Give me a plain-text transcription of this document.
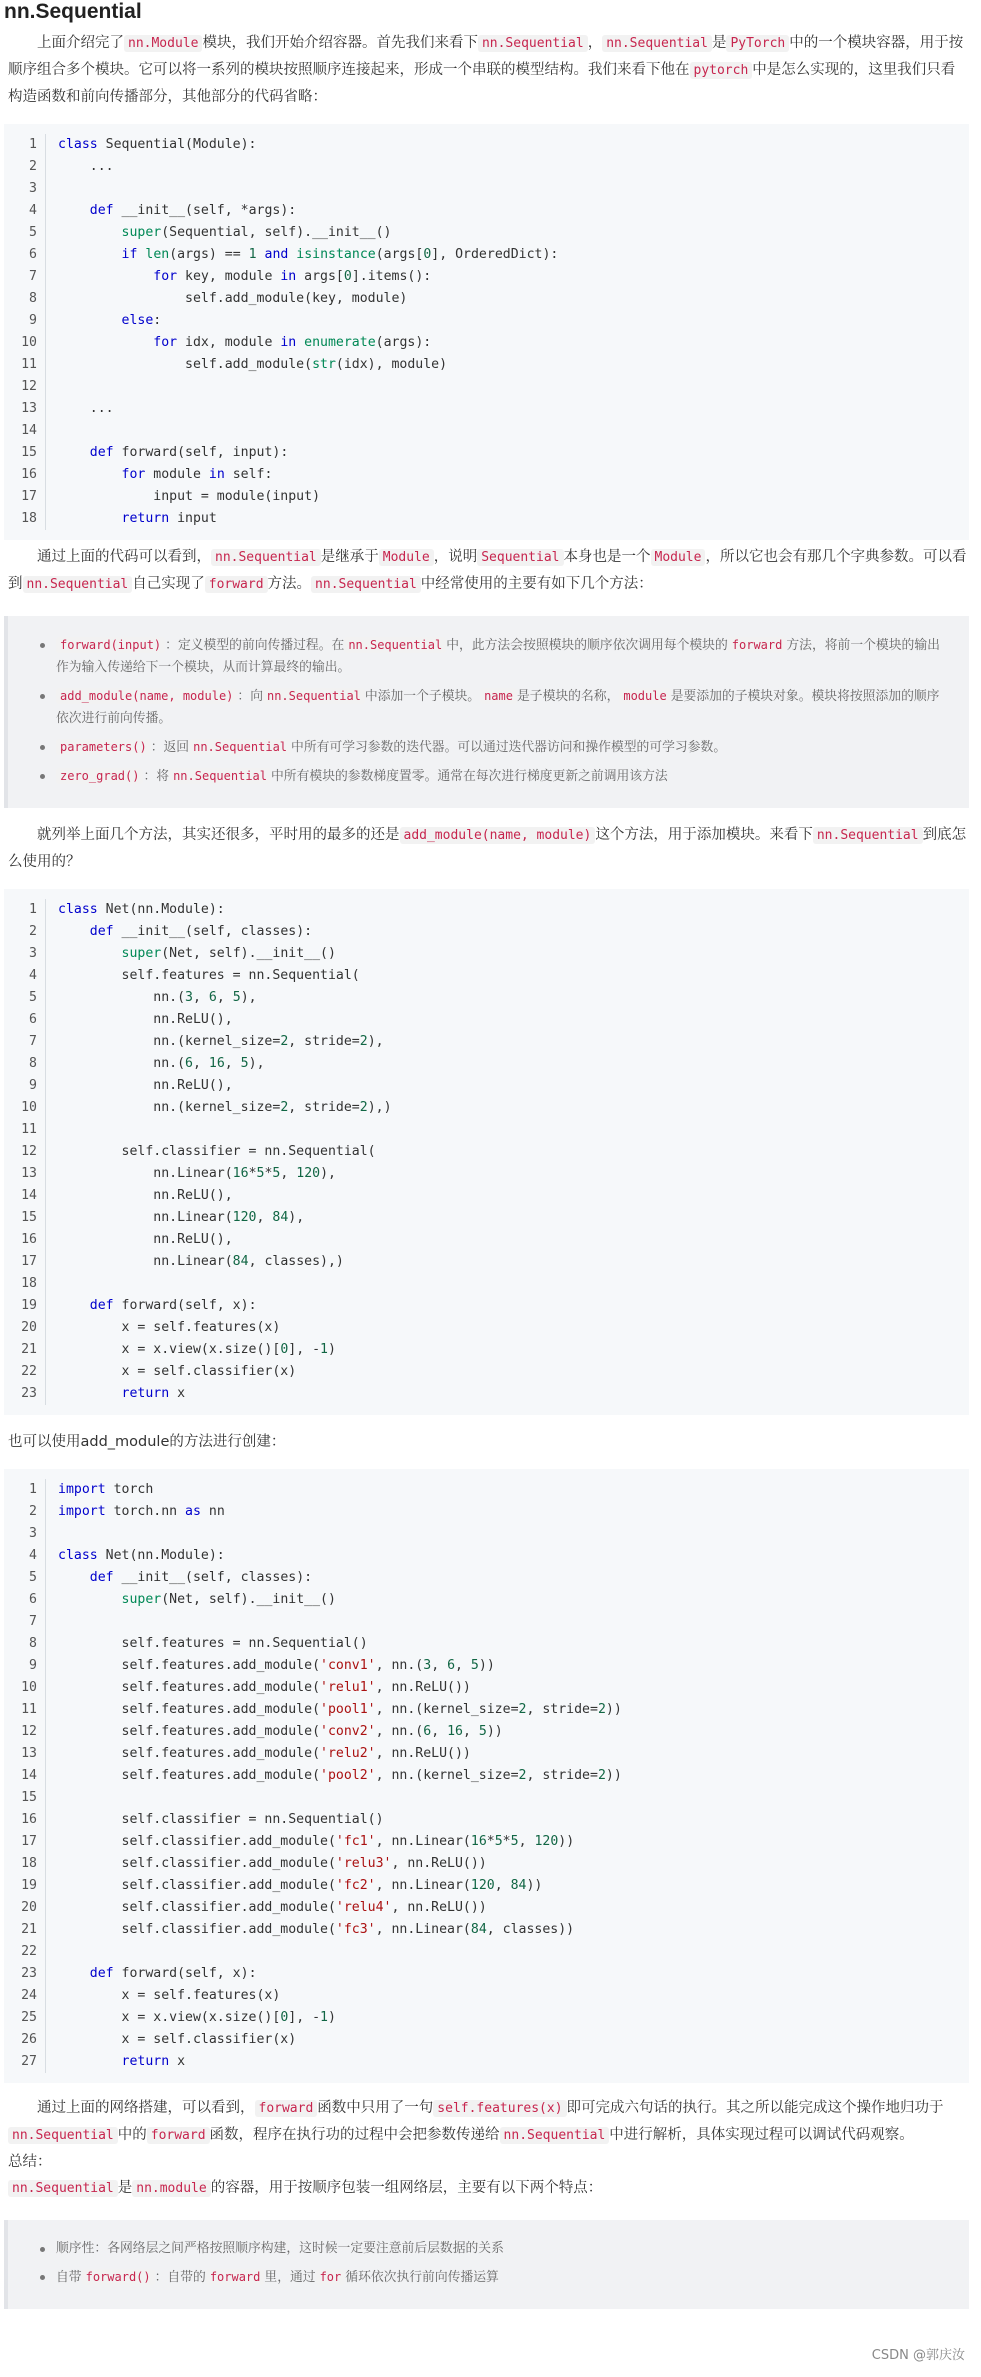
nn.Sequential

上面介绍完了 nn.Module 模块，我们开始介绍容器。首先我们来看下 nn.Sequential ， nn.Sequential 是 PyTorch 中的一个模块容器，用于按顺序组合多个模块。它可以将一系列的模块按照顺序连接起来，形成一个串联的模型结构。我们来看下他在 pytorch 中是怎么实现的，这里我们只看构造函数和前向传播部分，其他部分的代码省略：

1	class Sequential(Module):
2	...
3
4	def __init__(self, *args):
5	super(Sequential, self).__init__()
6	if len(args) == 1 and isinstance(args[0], OrderedDict):
7	for key, module in args[0].items():
8	self.add_module(key, module)
9	else:
10	for idx, module in enumerate(args):
11	self.add_module(str(idx), module)
12
13	...
14
15	def forward(self, input):
16	for module in self:
17	input = module(input)
18	return input

通过上面的代码可以看到， nn.Sequential 是继承于 Module ，说明 Sequential 本身也是一个 Module ，所以它也会有那几个字典参数。可以看到 nn.Sequential 自己实现了 forward 方法。 nn.Sequential 中经常使用的主要有如下几个方法：

forward(input) ：定义模型的前向传播过程。在 nn.Sequential 中，此方法会按照模块的顺序依次调用每个模块的 forward 方法，将前一个模块的输出作为输入传递给下一个模块，从而计算最终的输出。
add_module(name, module) ：向 nn.Sequential 中添加一个子模块。 name 是子模块的名称， module 是要添加的子模块对象。模块将按照添加的顺序依次进行前向传播。
parameters() ：返回 nn.Sequential 中所有可学习参数的迭代器。可以通过迭代器访问和操作模型的可学习参数。
zero_grad() ：将 nn.Sequential 中所有模块的参数梯度置零。通常在每次进行梯度更新之前调用该方法

就列举上面几个方法，其实还很多，平时用的最多的还是 add_module(name, module) 这个方法，用于添加模块。来看下 nn.Sequential 到底怎么使用的？

1	class Net(nn.Module):
2	def __init__(self, classes):
3	super(Net, self).__init__()
4	self.features = nn.Sequential(
5	nn.(3, 6, 5),
6	nn.ReLU(),
7	nn.(kernel_size=2, stride=2),
8	nn.(6, 16, 5),
9	nn.ReLU(),
10	nn.(kernel_size=2, stride=2),)
11
12	self.classifier = nn.Sequential(
13	nn.Linear(16*5*5, 120),
14	nn.ReLU(),
15	nn.Linear(120, 84),
16	nn.ReLU(),
17	nn.Linear(84, classes),)
18
19	def forward(self, x):
20	x = self.features(x)
21	x = x.view(x.size()[0], -1)
22	x = self.classifier(x)
23	return x

也可以使用add_module的方法进行创建：

1	import torch
2	import torch.nn as nn
3
4	class Net(nn.Module):
5	def __init__(self, classes):
6	super(Net, self).__init__()
7
8	self.features = nn.Sequential()
9	self.features.add_module('conv1', nn.(3, 6, 5))
10	self.features.add_module('relu1', nn.ReLU())
11	self.features.add_module('pool1', nn.(kernel_size=2, stride=2))
12	self.features.add_module('conv2', nn.(6, 16, 5))
13	self.features.add_module('relu2', nn.ReLU())
14	self.features.add_module('pool2', nn.(kernel_size=2, stride=2))
15
16	self.classifier = nn.Sequential()
17	self.classifier.add_module('fc1', nn.Linear(16*5*5, 120))
18	self.classifier.add_module('relu3', nn.ReLU())
19	self.classifier.add_module('fc2', nn.Linear(120, 84))
20	self.classifier.add_module('relu4', nn.ReLU())
21	self.classifier.add_module('fc3', nn.Linear(84, classes))
22
23	def forward(self, x):
24	x = self.features(x)
25	x = x.view(x.size()[0], -1)
26	x = self.classifier(x)
27	return x

通过上面的网络搭建，可以看到， forward 函数中只用了一句 self.features(x) 即可完成六句话的执行。其之所以能完成这个操作地归功于nn.Sequential 中的 forward 函数，程序在执行功的过程中会把参数传递给 nn.Sequential 中进行解析，具体实现过程可以调试代码观察。

总结：

nn.Sequential 是 nn.module 的容器，用于按顺序包装一组网络层，主要有以下两个特点：

顺序性：各网络层之间严格按照顺序构建，这时候一定要注意前后层数据的关系
自带 forward() ：自带的 forward 里，通过 for 循环依次执行前向传播运算
CSDN @郭庆汝
